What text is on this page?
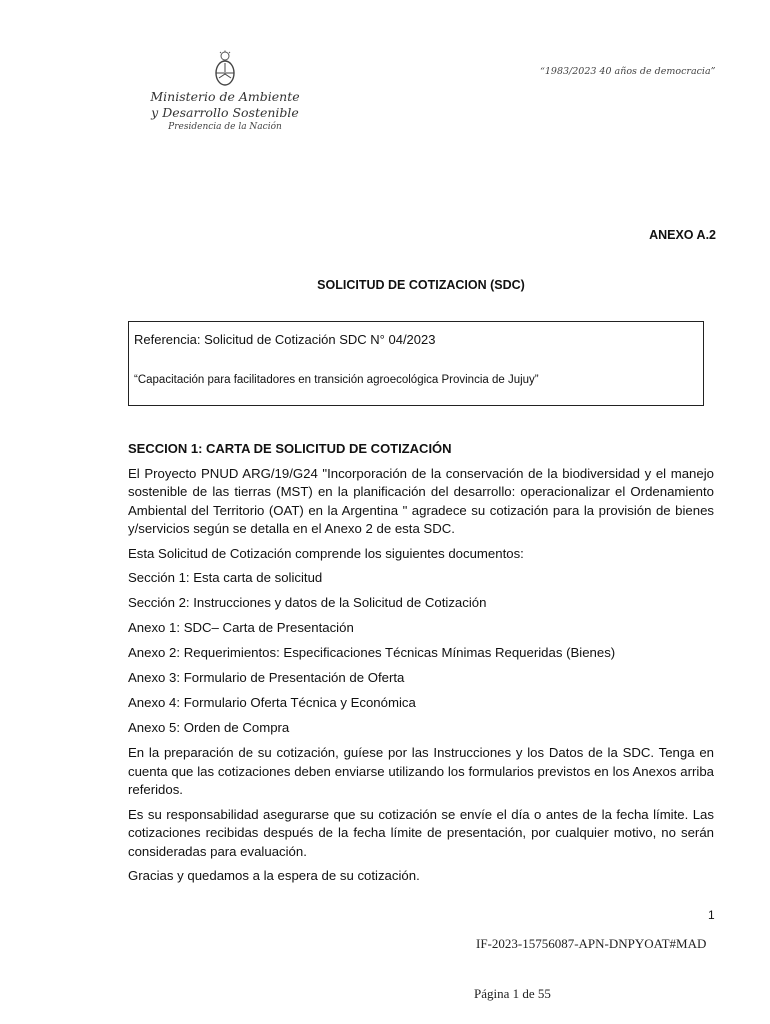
Ministerio de Ambiente
y Desarrollo Sostenible
Presidencia de la Nación
“1983/2023 40 años de democracia”
ANEXO A.2
SOLICITUD DE COTIZACION (SDC)
Referencia: Solicitud de Cotización SDC N° 04/2023
“Capacitación para facilitadores en transición agroecológica Provincia de Jujuy”
SECCION 1: CARTA DE SOLICITUD DE COTIZACIÓN

El Proyecto PNUD ARG/19/G24 "Incorporación de la conservación de la biodiversidad y el manejo sostenible de las tierras (MST) en la planificación del desarrollo: operacionalizar el Ordenamiento Ambiental del Territorio (OAT) en la Argentina " agradece su cotización para la provisión de bienes y/servicios según se detalla en el Anexo 2 de esta SDC.

Esta Solicitud de Cotización comprende los siguientes documentos:

Sección 1: Esta carta de solicitud

Sección 2: Instrucciones y datos de la Solicitud de Cotización

Anexo 1: SDC– Carta de Presentación

Anexo 2: Requerimientos: Especificaciones Técnicas Mínimas Requeridas (Bienes)

Anexo 3: Formulario de Presentación de Oferta

Anexo 4: Formulario Oferta Técnica y Económica

Anexo 5: Orden de Compra

En la preparación de su cotización, guíese por las Instrucciones y los Datos de la SDC. Tenga en cuenta que las cotizaciones deben enviarse utilizando los formularios previstos en los Anexos arriba referidos.

Es su responsabilidad asegurarse que su cotización se envíe el día o antes de la fecha límite. Las cotizaciones recibidas después de la fecha límite de presentación, por cualquier motivo, no serán consideradas para evaluación.

Gracias y quedamos a la espera de su cotización.

1
IF-2023-15756087-APN-DNPYOAT#MAD
Página 1 de 55
